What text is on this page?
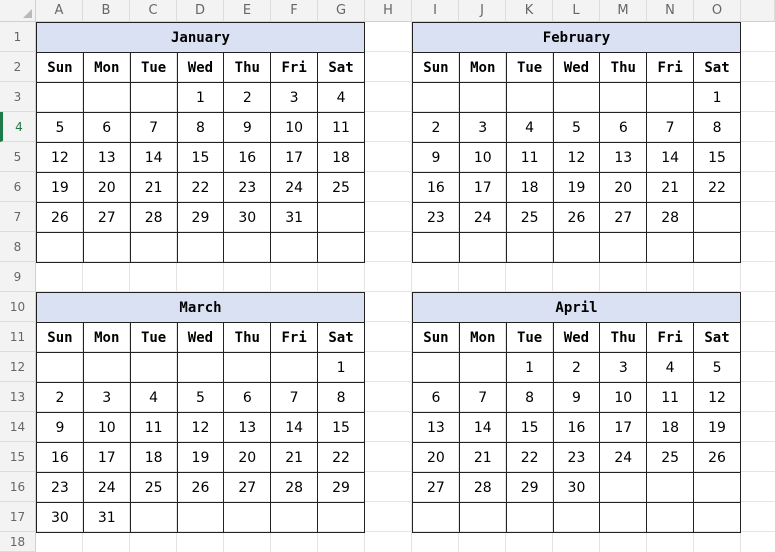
A	B	C	D	E	F	G	H	I	J	K	L	M	N	O
1
2
3
4
5
6
7
8
9
10
11
12
13
14
15
16
17
18
January						
Sun	Mon	Tue	Wed	Thu	Fri	Sat
			1	2	3	4
5	6	7	8	9	10	11
12	13	14	15	16	17	18
19	20	21	22	23	24	25
26	27	28	29	30	31	

February						
Sun	Mon	Tue	Wed	Thu	Fri	Sat
						1
2	3	4	5	6	7	8
9	10	11	12	13	14	15
16	17	18	19	20	21	22
23	24	25	26	27	28	

March						
Sun	Mon	Tue	Wed	Thu	Fri	Sat
						1
2	3	4	5	6	7	8
9	10	11	12	13	14	15
16	17	18	19	20	21	22
23	24	25	26	27	28	29
30	31					
April						
Sun	Mon	Tue	Wed	Thu	Fri	Sat
		1	2	3	4	5
6	7	8	9	10	11	12
13	14	15	16	17	18	19
20	21	22	23	24	25	26
27	28	29	30			
